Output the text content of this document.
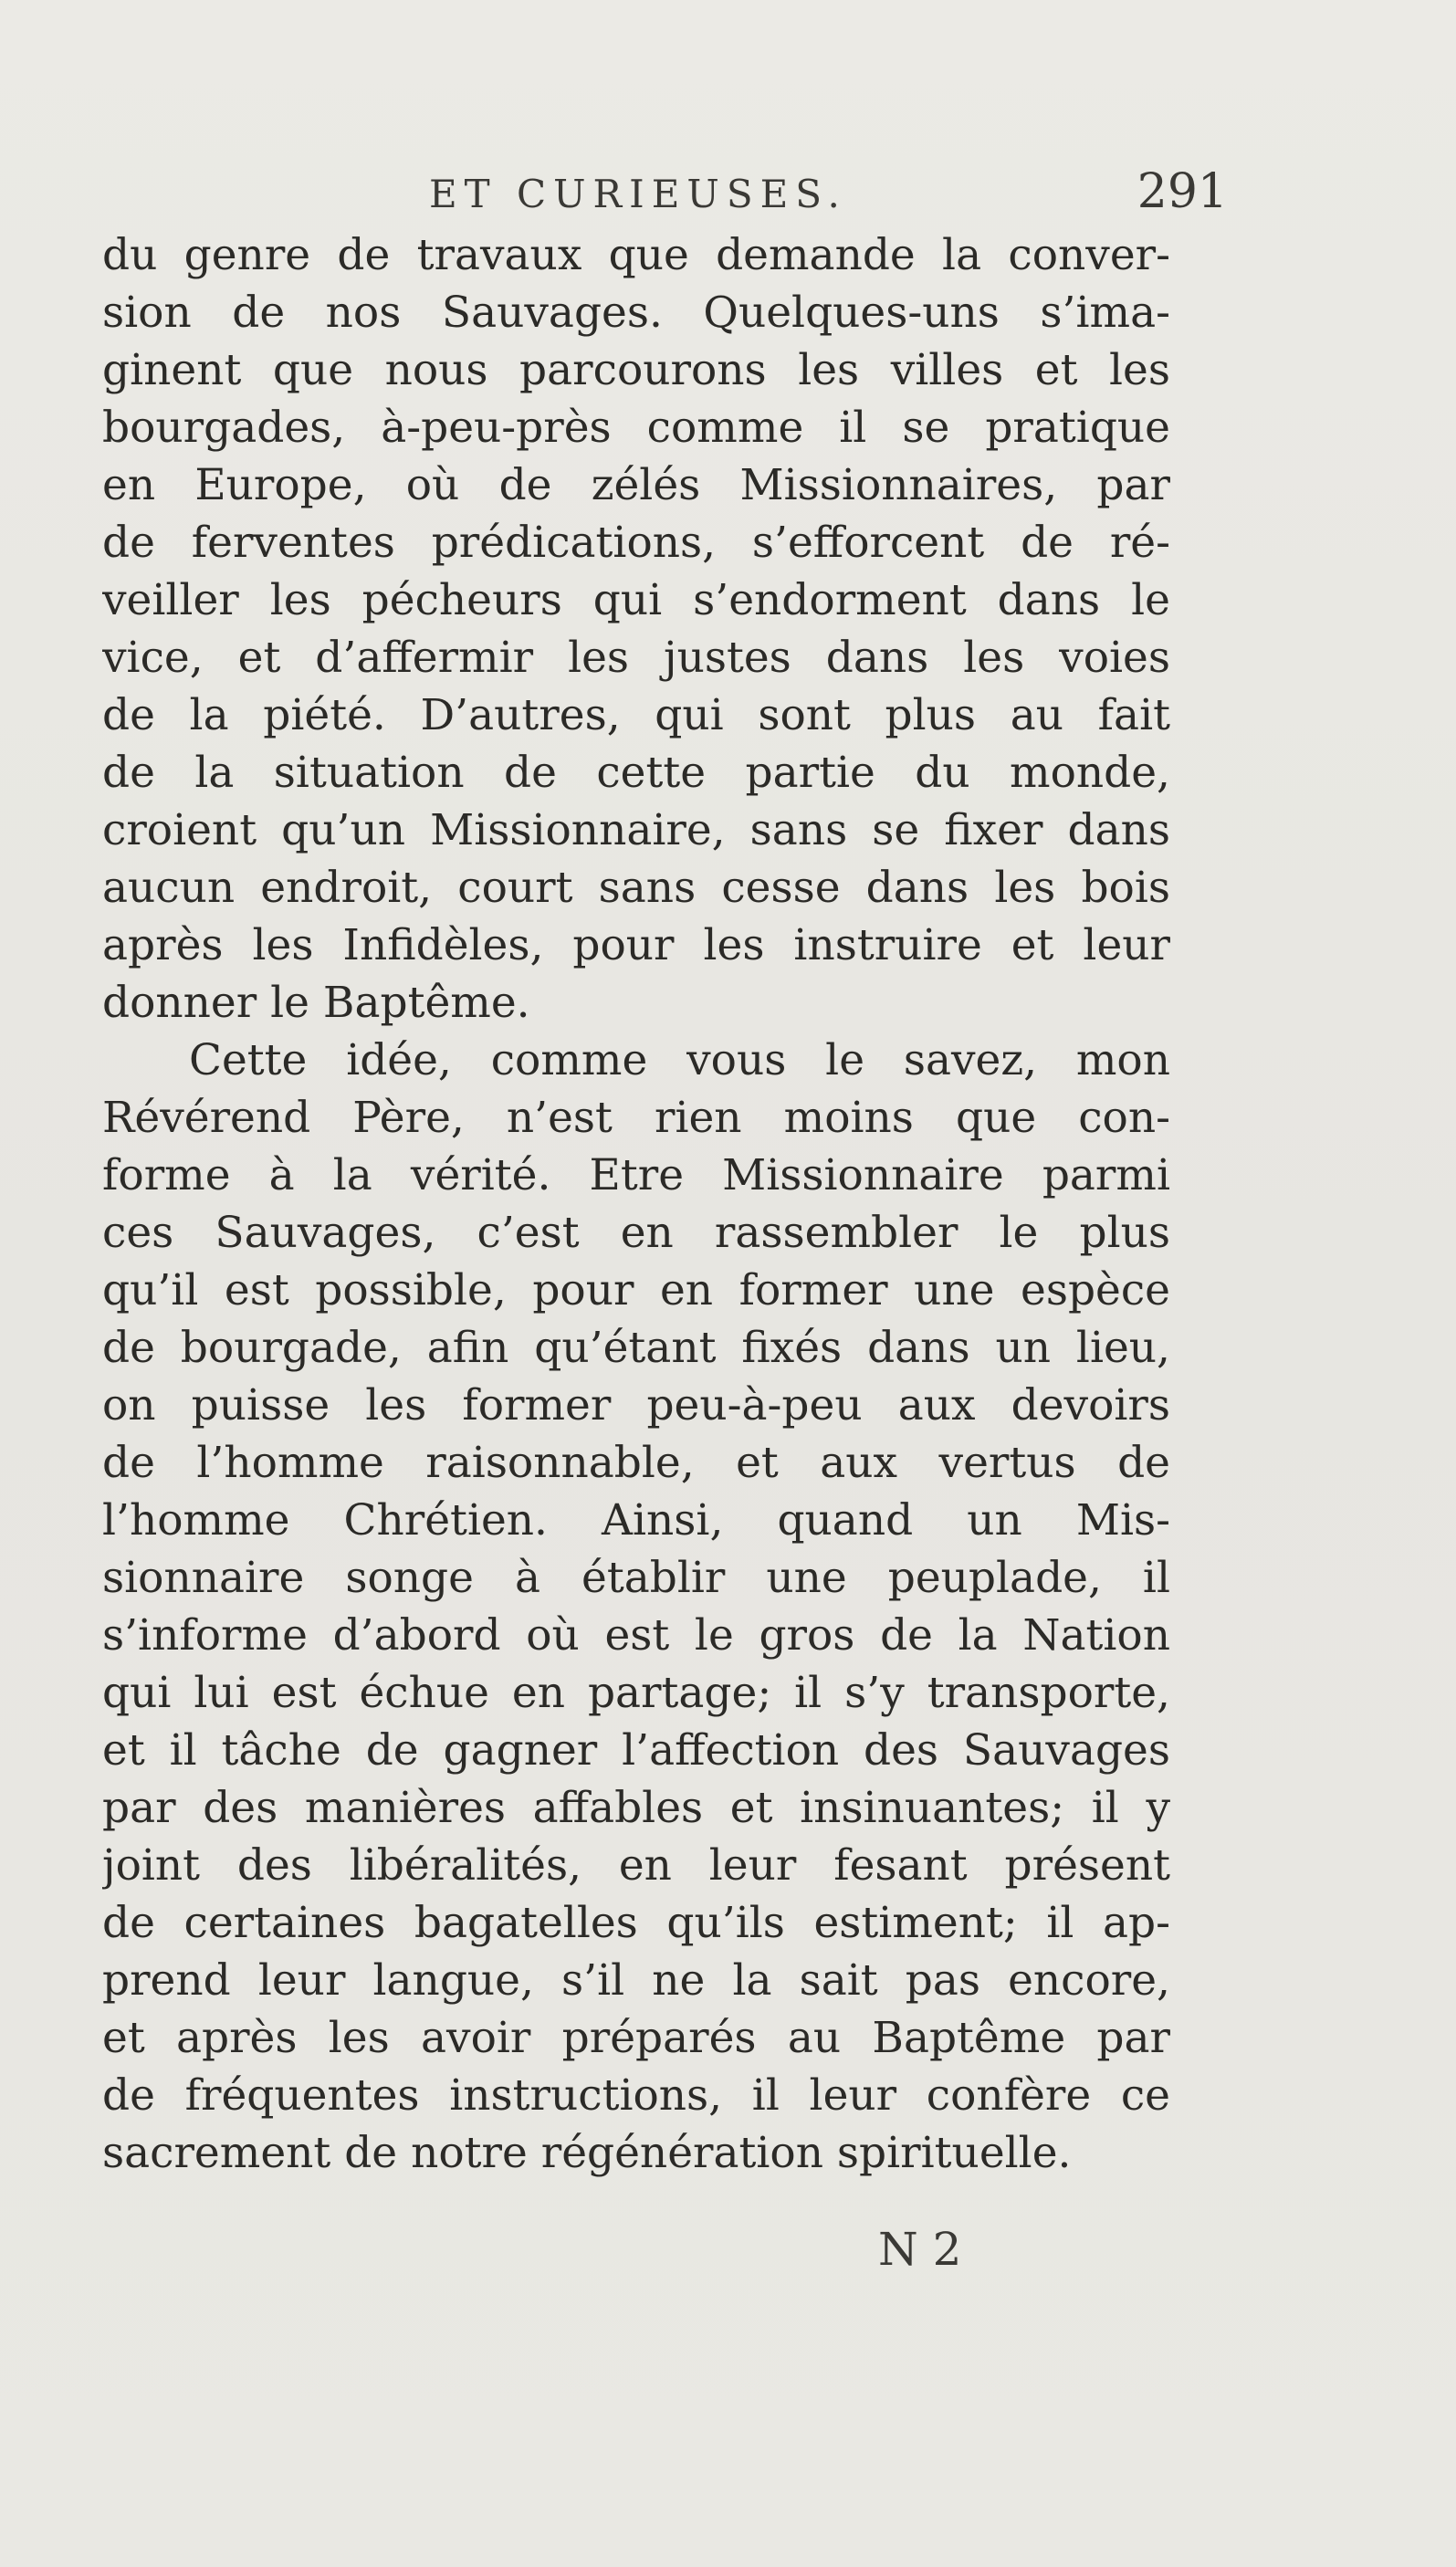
ET CURIEUSES.	291
du genre de travaux que demande la conver-
sion de nos Sauvages. Quelques-uns s’ima-
ginent que nous parcourons les villes et les
bourgades, à-peu-près comme il se pratique
en Europe, où de zélés Missionnaires, par
de ferventes prédications, s’efforcent de ré-
veiller les pécheurs qui s’endorment dans le
vice, et d’affermir les justes dans les voies
de la piété. D’autres, qui sont plus au fait
de la situation de cette partie du monde,
croient qu’un Missionnaire, sans se fixer dans
aucun endroit, court sans cesse dans les bois
après les Infidèles, pour les instruire et leur
donner le Baptême.
Cette idée, comme vous le savez, mon
Révérend Père, n’est rien moins que con-
forme à la vérité. Etre Missionnaire parmi
ces Sauvages, c’est en rassembler le plus
qu’il est possible, pour en former une espèce
de bourgade, afin qu’étant fixés dans un lieu,
on puisse les former peu-à-peu aux devoirs
de l’homme raisonnable, et aux vertus de
l’homme Chrétien. Ainsi, quand un Mis-
sionnaire songe à établir une peuplade, il
s’informe d’abord où est le gros de la Nation
qui lui est échue en partage; il s’y transporte,
et il tâche de gagner l’affection des Sauvages
par des manières affables et insinuantes; il y
joint des libéralités, en leur fesant présent
de certaines bagatelles qu’ils estiment; il ap-
prend leur langue, s’il ne la sait pas encore,
et après les avoir préparés au Baptême par
de fréquentes instructions, il leur confère ce
sacrement de notre régénération spirituelle.
N 2
